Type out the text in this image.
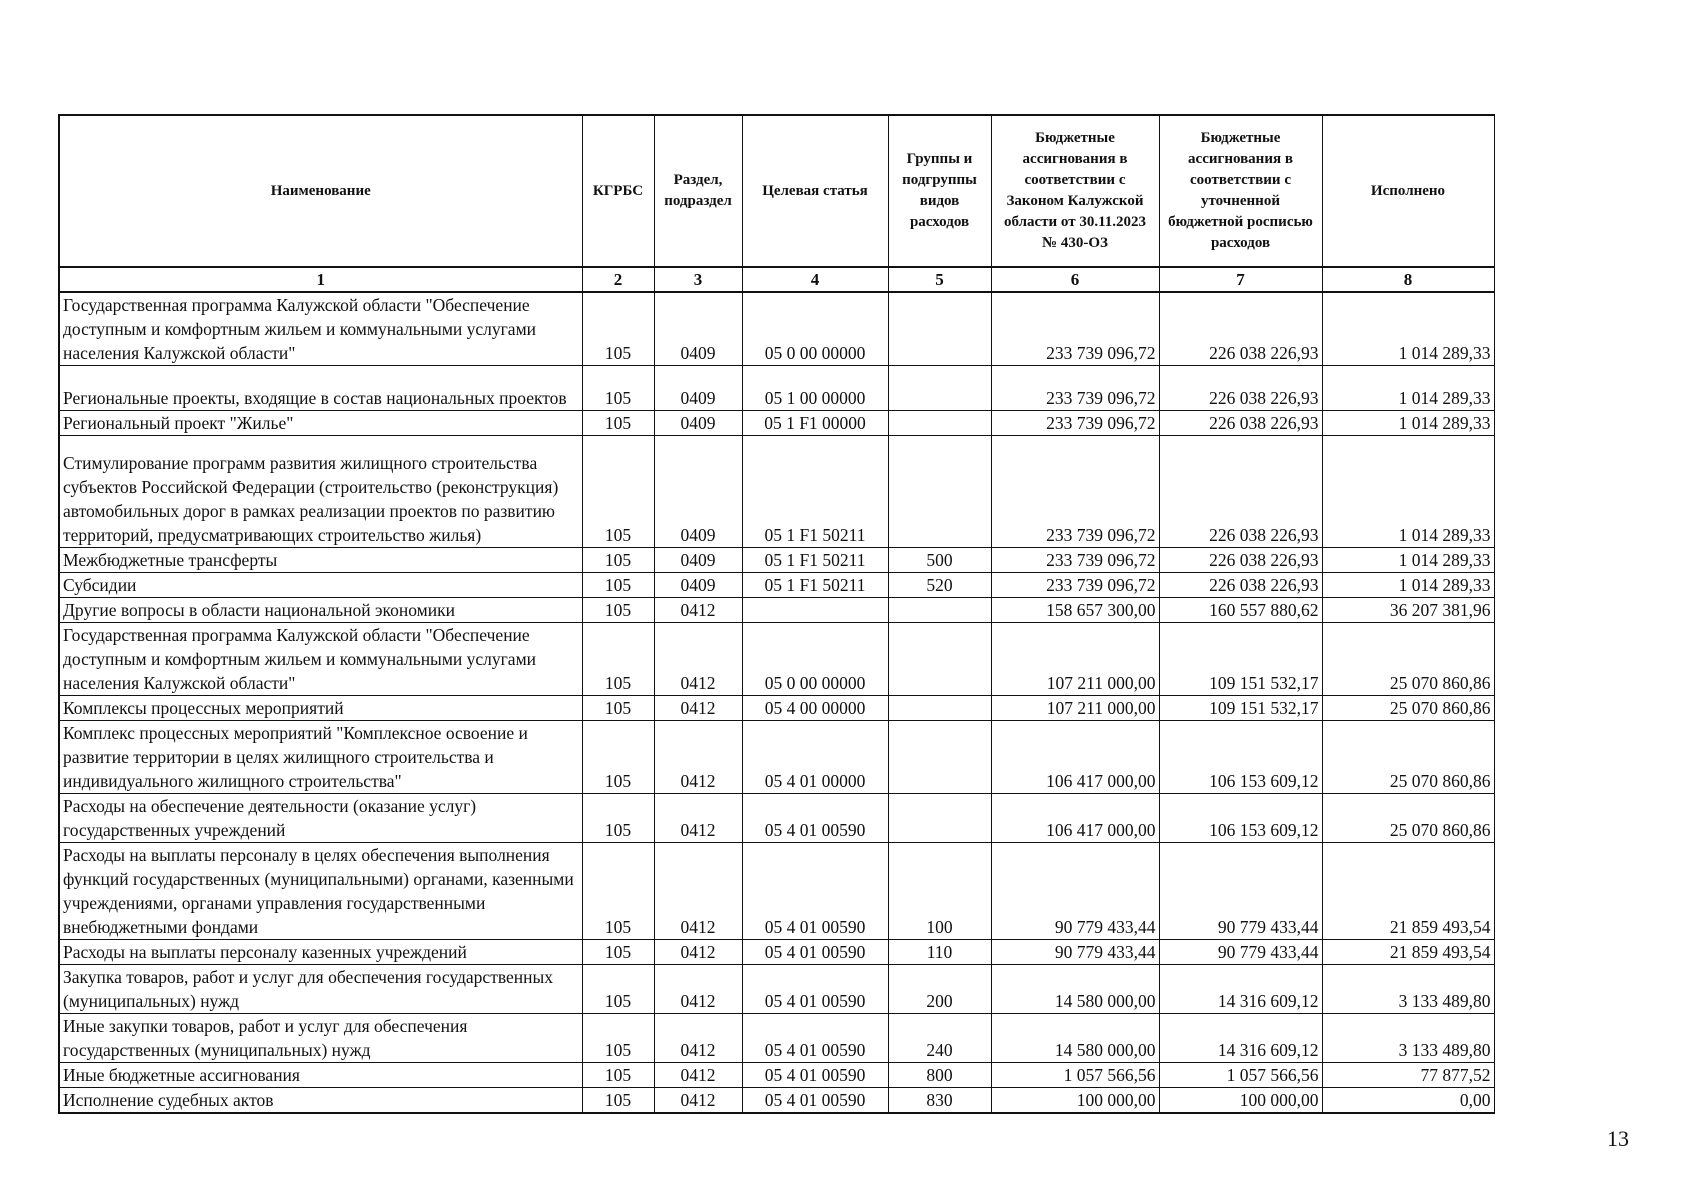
Наименование	КГРБС	Раздел, подраздел	Целевая статья	Группы и подгруппы видов расходов	Бюджетные ассигнования в соответствии с Законом Калужской области от 30.11.2023 № 430-ОЗ	Бюджетные ассигнования в соответствии с уточненной бюджетной росписью расходов	Исполнено
1	2	3	4	5	6	7	8
Государственная программа Калужской области "Обеспечение доступным и комфортным жильем и коммунальными услугами населения Калужской области"	105	0409	05 0 00 00000		233 739 096,72	226 038 226,93	1 014 289,33
Региональные проекты, входящие в состав национальных проектов	105	0409	05 1 00 00000		233 739 096,72	226 038 226,93	1 014 289,33
Региональный проект "Жилье"	105	0409	05 1 F1 00000		233 739 096,72	226 038 226,93	1 014 289,33
Стимулирование программ развития жилищного строительства субъектов Российской Федерации (строительство (реконструкция) автомобильных дорог в рамках реализации проектов по развитию территорий, предусматривающих строительство жилья)	105	0409	05 1 F1 50211		233 739 096,72	226 038 226,93	1 014 289,33
Межбюджетные трансферты	105	0409	05 1 F1 50211	500	233 739 096,72	226 038 226,93	1 014 289,33
Субсидии	105	0409	05 1 F1 50211	520	233 739 096,72	226 038 226,93	1 014 289,33
Другие вопросы в области национальной экономики	105	0412			158 657 300,00	160 557 880,62	36 207 381,96
Государственная программа Калужской области "Обеспечение доступным и комфортным жильем и коммунальными услугами населения Калужской области"	105	0412	05 0 00 00000		107 211 000,00	109 151 532,17	25 070 860,86
Комплексы процессных мероприятий	105	0412	05 4 00 00000		107 211 000,00	109 151 532,17	25 070 860,86
Комплекс процессных мероприятий "Комплексное освоение и развитие территории в целях жилищного строительства и индивидуального жилищного строительства"	105	0412	05 4 01 00000		106 417 000,00	106 153 609,12	25 070 860,86
Расходы на обеспечение деятельности (оказание услуг) государственных учреждений	105	0412	05 4 01 00590		106 417 000,00	106 153 609,12	25 070 860,86
Расходы на выплаты персоналу в целях обеспечения выполнения функций государственных (муниципальными) органами, казенными учреждениями, органами управления государственными внебюджетными фондами	105	0412	05 4 01 00590	100	90 779 433,44	90 779 433,44	21 859 493,54
Расходы на выплаты персоналу казенных учреждений	105	0412	05 4 01 00590	110	90 779 433,44	90 779 433,44	21 859 493,54
Закупка товаров, работ и услуг для обеспечения государственных (муниципальных) нужд	105	0412	05 4 01 00590	200	14 580 000,00	14 316 609,12	3 133 489,80
Иные закупки товаров, работ и услуг для обеспечения государственных (муниципальных) нужд	105	0412	05 4 01 00590	240	14 580 000,00	14 316 609,12	3 133 489,80
Иные бюджетные ассигнования	105	0412	05 4 01 00590	800	1 057 566,56	1 057 566,56	77 877,52
Исполнение судебных актов	105	0412	05 4 01 00590	830	100 000,00	100 000,00	0,00
13
